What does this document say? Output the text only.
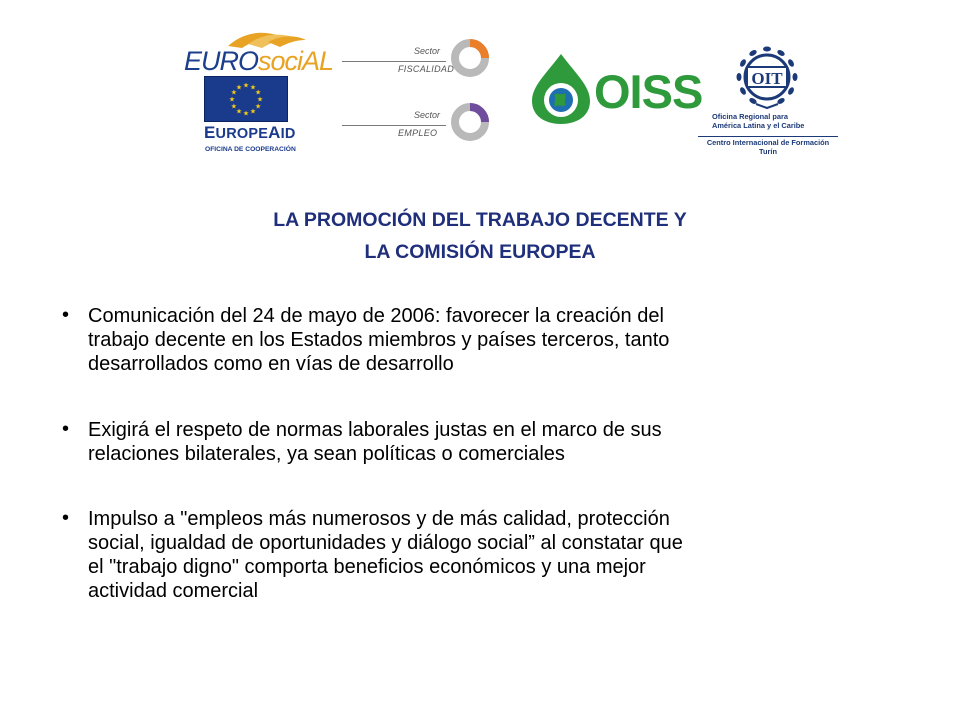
EUROsociAL
★ ★
★
★
★
★
★
★
★
★
★
★
EUROPEAID
OFICINA DE COOPERACIÓN
Sector
FISCALIDAD
Sector
EMPLEO
OISS	OIT
Oficina Regional para
América Latina y el Caribe
Centro Internacional de Formación
Turín
LA PROMOCIÓN DEL TRABAJO DECENTE Y
LA COMISIÓN EUROPEA
• Comunicación del 24 de mayo de 2006: favorecer la creación del
trabajo decente en los Estados miembros y países terceros, tanto
desarrollados como en vías de desarrollo
• Exigirá el respeto de normas laborales justas en el marco de sus
relaciones bilaterales, ya sean políticas o comerciales
• Impulso a "empleos más numerosos y de más calidad, protección
social, igualdad de oportunidades y diálogo social” al constatar que
el "trabajo digno" comporta beneficios económicos y una mejor
actividad comercial
